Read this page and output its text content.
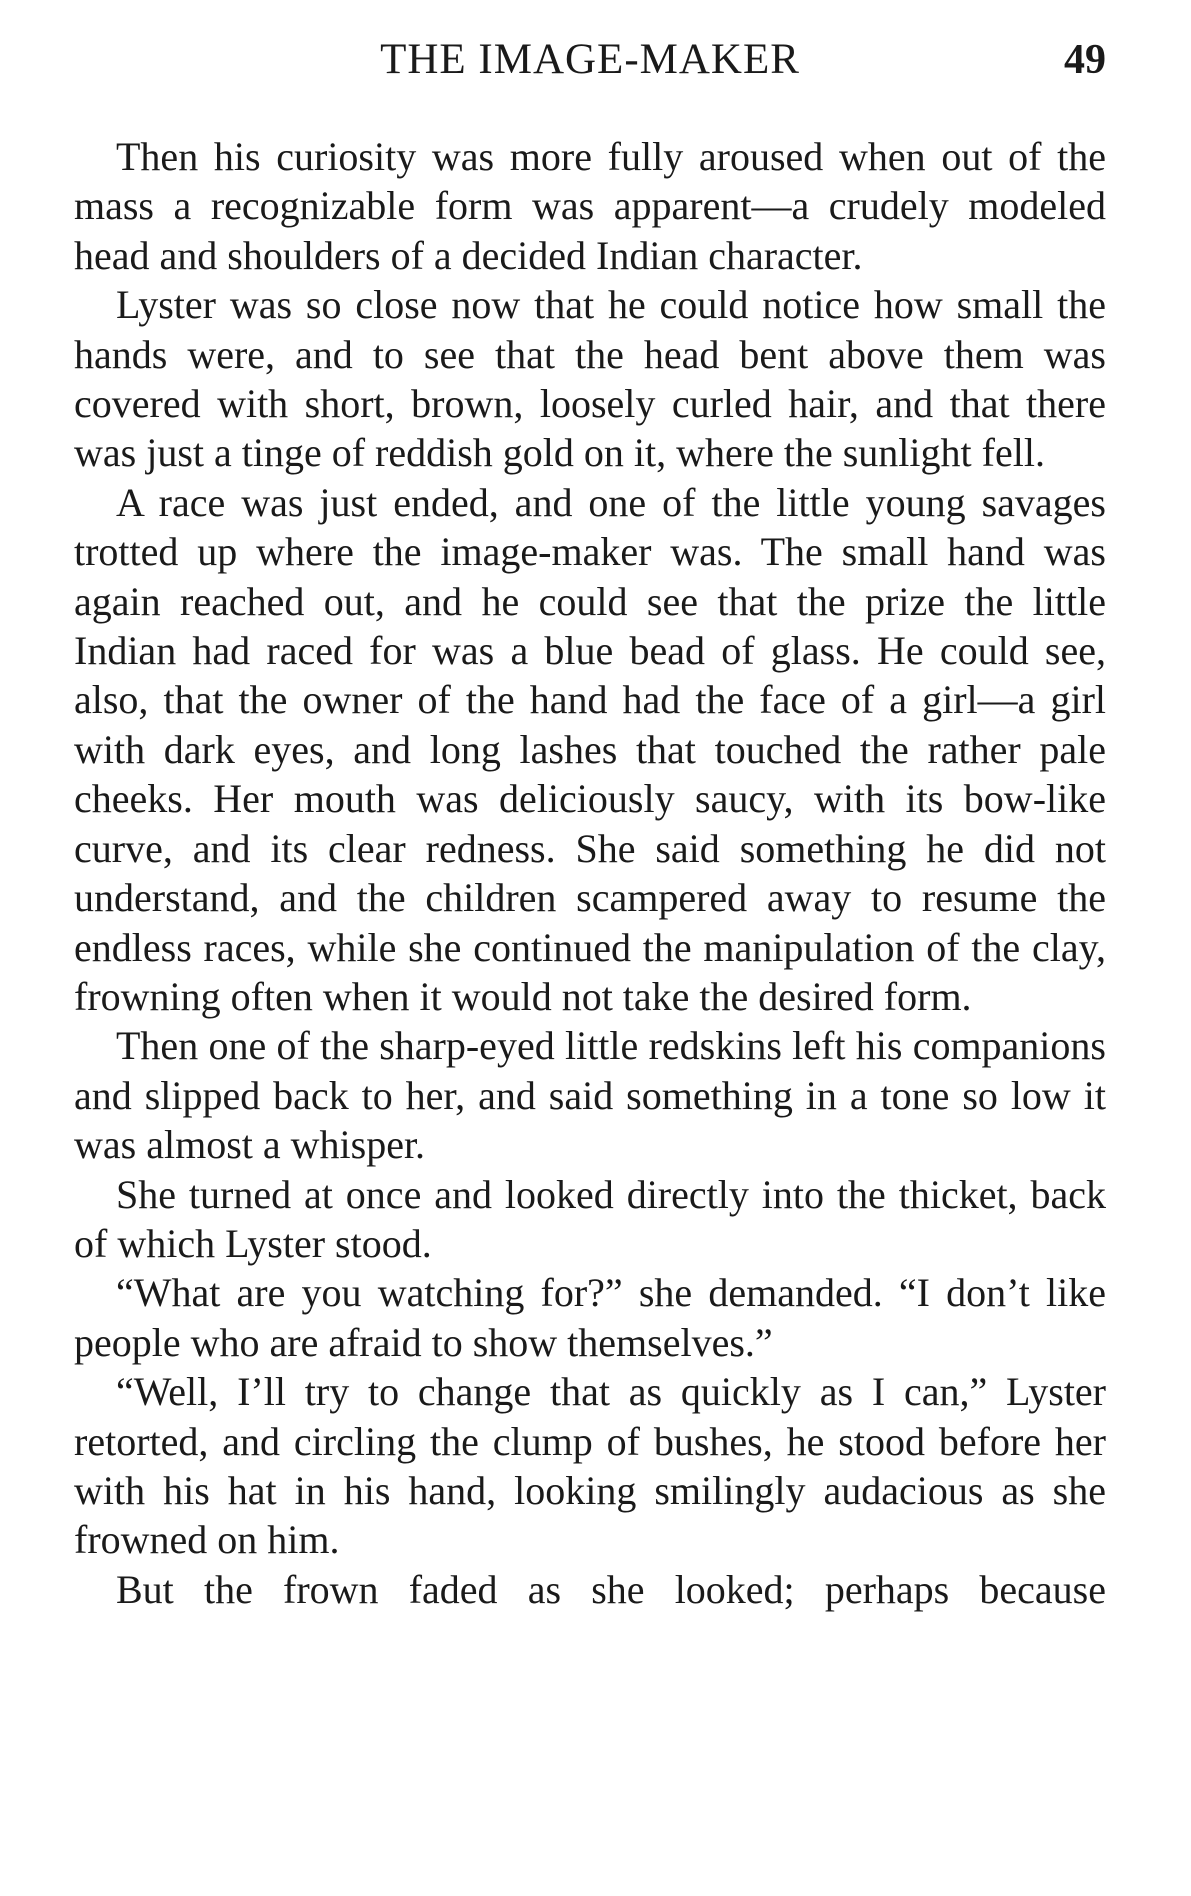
THE IMAGE-MAKER	49

Then his curiosity was more fully aroused when out of the mass a recognizable form was apparent—a crudely modeled head and shoulders of a decided Indian character.

Lyster was so close now that he could notice how small the hands were, and to see that the head bent above them was covered with short, brown, loosely curled hair, and that there was just a tinge of reddish gold on it, where the sunlight fell.

A race was just ended, and one of the little young savages trotted up where the image-maker was. The small hand was again reached out, and he could see that the prize the little Indian had raced for was a blue bead of glass. He could see, also, that the owner of the hand had the face of a girl—a girl with dark eyes, and long lashes that touched the rather pale cheeks. Her mouth was deliciously saucy, with its bow-like curve, and its clear redness. She said something he did not understand, and the children scampered away to resume the endless races, while she continued the manipulation of the clay, frowning often when it would not take the desired form.

Then one of the sharp-eyed little redskins left his companions and slipped back to her, and said something in a tone so low it was almost a whisper.

She turned at once and looked directly into the thicket, back of which Lyster stood.

“What are you watching for?” she demanded. “I don’t like people who are afraid to show themselves.”

“Well, I’ll try to change that as quickly as I can,” Lyster retorted, and circling the clump of bushes, he stood before her with his hat in his hand, looking smilingly audacious as she frowned on him.

But the frown faded as she looked; perhaps because
